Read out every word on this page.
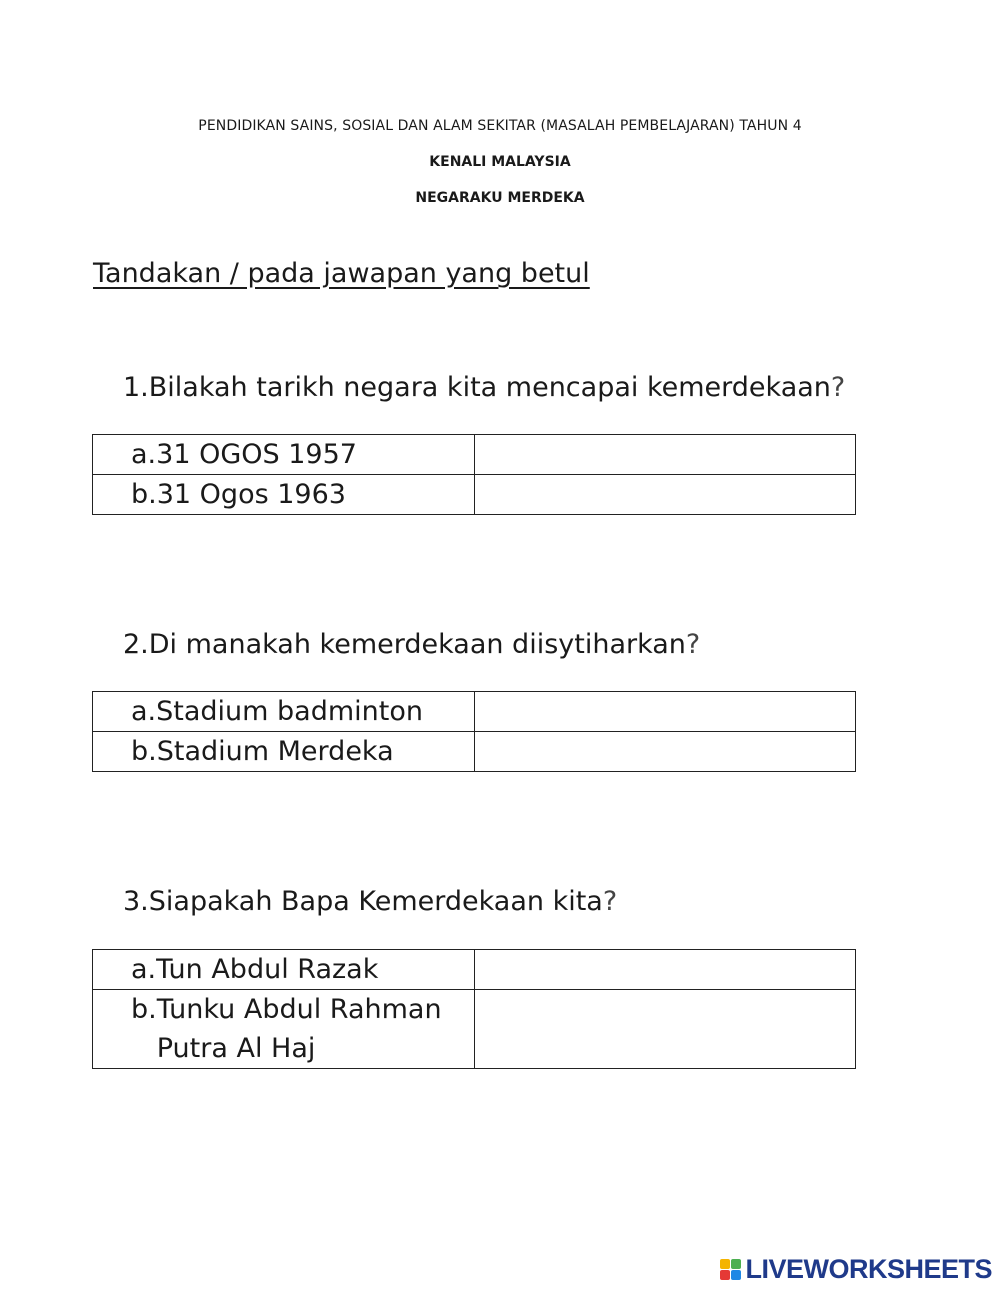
PENDIDIKAN SAINS, SOSIAL DAN ALAM SEKITAR (MASALAH PEMBELAJARAN) TAHUN 4

KENALI MALAYSIA

NEGARAKU MERDEKA

Tandakan / pada jawapan yang betul
1.Bilakah tarikh negara kita mencapai kemerdekaan?
a. 31 OGOS 1957	

b. 31 Ogos 1963	

2.Di manakah kemerdekaan diisytiharkan?
a. Stadium badminton	

b. Stadium Merdeka	

3.Siapakah Bapa Kemerdekaan kita?
a. Tun Abdul Razak	

b. Tunku Abdul Rahman Putra Al Haj	

LIVEWORKSHEETS
